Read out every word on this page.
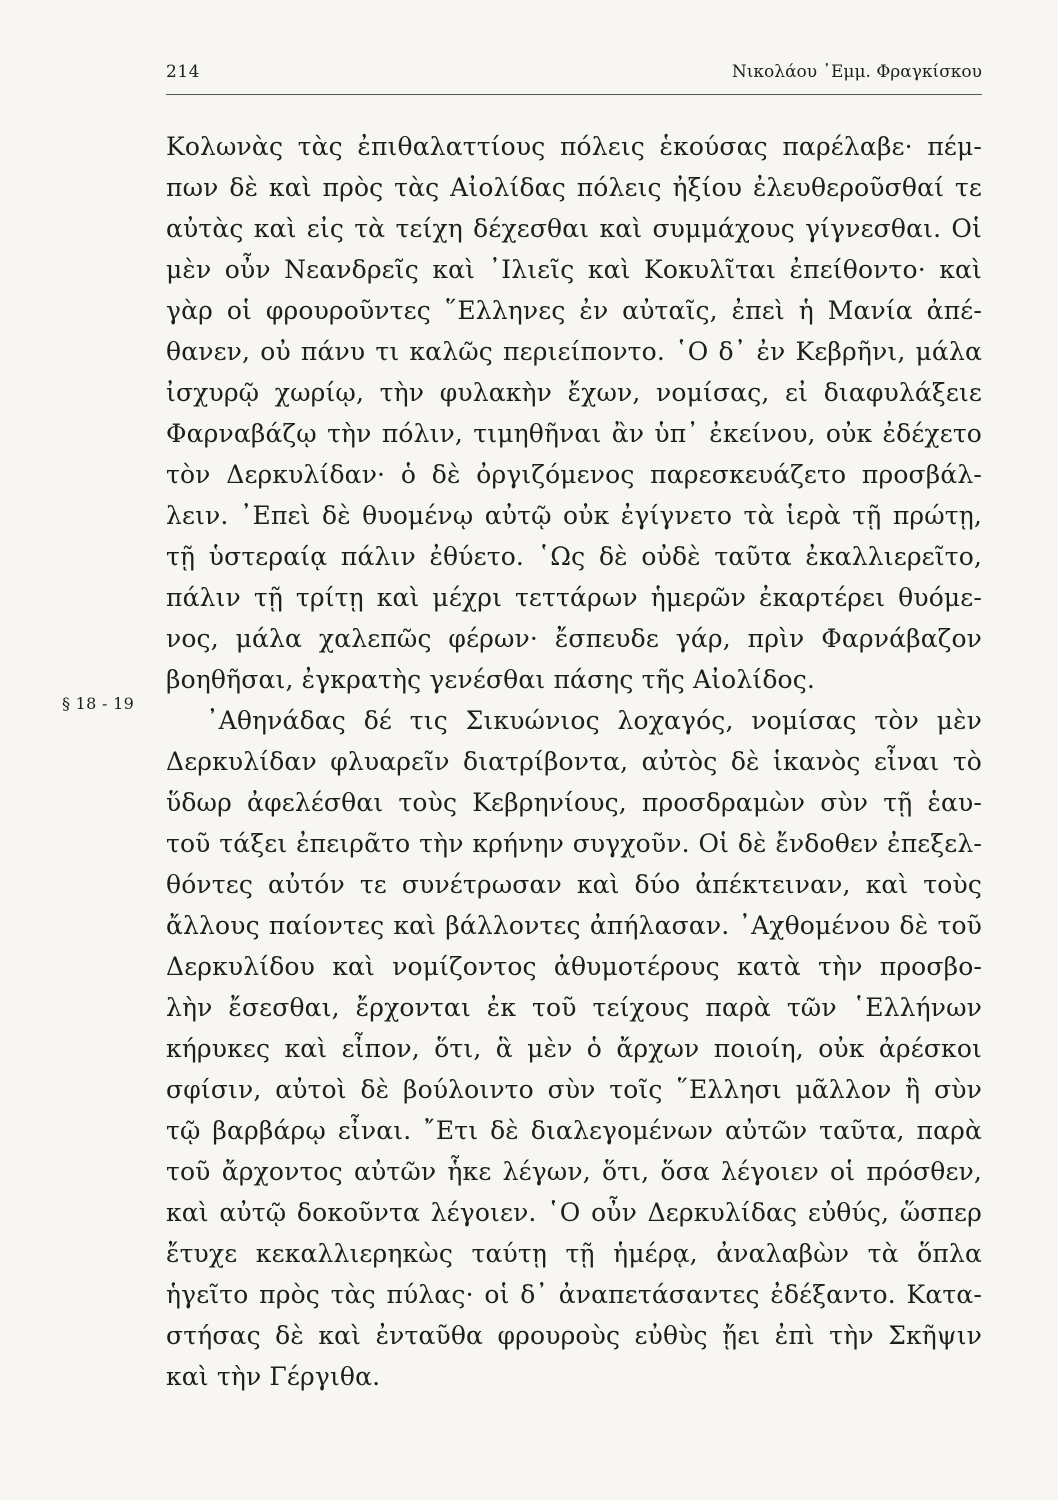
214	Νικολάου ᾿Εμμ. Φραγκίσκου
§ 18 - 19
Κολωνὰς τὰς ἐπιθαλαττίους πόλεις ἑκούσας παρέλαβε· πέμ-
πων δὲ καὶ πρὸς τὰς Αἰολίδας πόλεις ἠξίου ἐλευθεροῦσθαί τε
αὐτὰς καὶ εἰς τὰ τείχη δέχεσθαι καὶ συμμάχους γίγνεσθαι. Οἱ
μὲν οὖν Νεανδρεῖς καὶ ᾿Ιλιεῖς καὶ Κοκυλῖται ἐπείθοντο· καὶ
γὰρ οἱ φρουροῦντες ῞Ελληνες ἐν αὐταῖς, ἐπεὶ ἡ Μανία ἀπέ-
θανεν, οὐ πάνυ τι καλῶς περιείποντο. ῾Ο δ᾿ ἐν Κεβρῆνι, μάλα
ἰσχυρῷ χωρίῳ, τὴν φυλακὴν ἔχων, νομίσας, εἰ διαφυλάξειε
Φαρναβάζῳ τὴν πόλιν, τιμηθῆναι ἂν ὑπ᾿ ἐκείνου, οὐκ ἐδέχετο
τὸν Δερκυλίδαν· ὁ δὲ ὀργιζόμενος παρεσκευάζετο προσβάλ-
λειν. ᾿Επεὶ δὲ θυομένῳ αὐτῷ οὐκ ἐγίγνετο τὰ ἱερὰ τῇ πρώτῃ,
τῇ ὑστεραίᾳ πάλιν ἐθύετο. ῾Ως δὲ οὐδὲ ταῦτα ἐκαλλιερεῖτο,
πάλιν τῇ τρίτῃ καὶ μέχρι τεττάρων ἡμερῶν ἐκαρτέρει θυόμε-
νος, μάλα χαλεπῶς φέρων· ἔσπευδε γάρ, πρὶν Φαρνάβαζον
βοηθῆσαι, ἐγκρατὴς γενέσθαι πάσης τῆς Αἰολίδος.
᾿Αθηνάδας δέ τις Σικυώνιος λοχαγός, νομίσας τὸν μὲν
Δερκυλίδαν φλυαρεῖν διατρίβοντα, αὐτὸς δὲ ἱκανὸς εἶναι τὸ
ὕδωρ ἀφελέσθαι τοὺς Κεβρηνίους, προσδραμὼν σὺν τῇ ἑαυ-
τοῦ τάξει ἐπειρᾶτο τὴν κρήνην συγχοῦν. Οἱ δὲ ἔνδοθεν ἐπεξελ-
θόντες αὐτόν τε συνέτρωσαν καὶ δύο ἀπέκτειναν, καὶ τοὺς
ἄλλους παίοντες καὶ βάλλοντες ἀπήλασαν. ᾿Αχθομένου δὲ τοῦ
Δερκυλίδου καὶ νομίζοντος ἀθυμοτέρους κατὰ τὴν προσβο-
λὴν ἔσεσθαι, ἔρχονται ἐκ τοῦ τείχους παρὰ τῶν ῾Ελλήνων
κήρυκες καὶ εἶπον, ὅτι, ἃ μὲν ὁ ἄρχων ποιοίη, οὐκ ἀρέσκοι
σφίσιν, αὐτοὶ δὲ βούλοιντο σὺν τοῖς ῞Ελλησι μᾶλλον ἢ σὺν
τῷ βαρβάρῳ εἶναι. ῎Ετι δὲ διαλεγομένων αὐτῶν ταῦτα, παρὰ
τοῦ ἄρχοντος αὐτῶν ἧκε λέγων, ὅτι, ὅσα λέγοιεν οἱ πρόσθεν,
καὶ αὐτῷ δοκοῦντα λέγοιεν. ῾Ο οὖν Δερκυλίδας εὐθύς, ὥσπερ
ἔτυχε κεκαλλιερηκὼς ταύτῃ τῇ ἡμέρᾳ, ἀναλαβὼν τὰ ὅπλα
ἡγεῖτο πρὸς τὰς πύλας· οἱ δ᾿ ἀναπετάσαντες ἐδέξαντο. Κατα-
στήσας δὲ καὶ ἐνταῦθα φρουροὺς εὐθὺς ᾔει ἐπὶ τὴν Σκῆψιν
καὶ τὴν Γέργιθα.
